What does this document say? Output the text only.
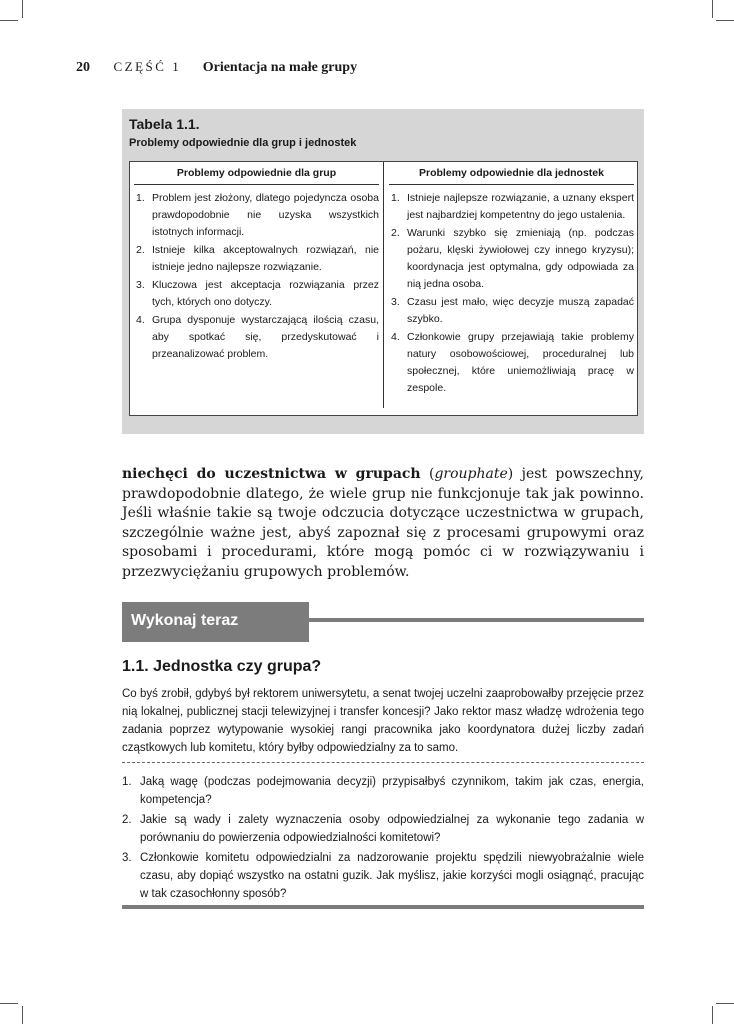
20 CZĘŚĆ 1 Orientacja na małe grupy
Tabela 1.1.
Problemy odpowiednie dla grup i jednostek
Problemy odpowiednie dla grup
1. Problem jest złożony, dlatego pojedyncza osoba prawdopodobnie nie uzyska wszystkich istotnych informacji.
2. Istnieje kilka akceptowalnych rozwiązań, nie istnieje jedno najlepsze rozwiązanie.
3. Kluczowa jest akceptacja rozwiązania przez tych, których ono dotyczy.
4. Grupa dysponuje wystarczającą ilością czasu, aby spotkać się, przedyskutować i przeanalizować problem.
Problemy odpowiednie dla jednostek
1. Istnieje najlepsze rozwiązanie, a uznany ekspert jest najbardziej kompetentny do jego ustalenia.
2. Warunki szybko się zmieniają (np. podczas pożaru, klęski żywiołowej czy innego kryzysu); koordynacja jest optymalna, gdy odpowiada za nią jedna osoba.
3. Czasu jest mało, więc decyzje muszą zapadać szybko.
4. Członkowie grupy przejawiają takie problemy natury osobowościowej, proceduralnej lub społecznej, które uniemożliwiają pracę w zespole.

niechęci do uczestnictwa w grupach (grouphate) jest powszechny, prawdopodobnie dlatego, że wiele grup nie funkcjonuje tak jak powinno. Jeśli właśnie takie są twoje odczucia dotyczące uczestnictwa w grupach, szczególnie ważne jest, abyś zapoznał się z procesami grupowymi oraz sposobami i procedurami, które mogą pomóc ci w rozwiązywaniu i przezwyciężaniu grupowych problemów.

Wykonaj teraz
1.1. Jednostka czy grupa?

Co byś zrobił, gdybyś był rektorem uniwersytetu, a senat twojej uczelni zaaprobowałby przejęcie przez nią lokalnej, publicznej stacji telewizyjnej i transfer koncesji? Jako rektor masz władzę wdrożenia tego zadania poprzez wytypowanie wysokiej rangi pracownika jako koordynatora dużej liczby zadań cząstkowych lub komitetu, który byłby odpowiedzialny za to samo.

1. Jaką wagę (podczas podejmowania decyzji) przypisałbyś czynnikom, takim jak czas, energia, kompetencja?
2. Jakie są wady i zalety wyznaczenia osoby odpowiedzialnej za wykonanie tego zadania w porównaniu do powierzenia odpowiedzialności komitetowi?
3. Członkowie komitetu odpowiedzialni za nadzorowanie projektu spędzili niewyobrażalnie wiele czasu, aby dopiąć wszystko na ostatni guzik. Jak myślisz, jakie korzyści mogli osiągnąć, pracując w tak czasochłonny sposób?
